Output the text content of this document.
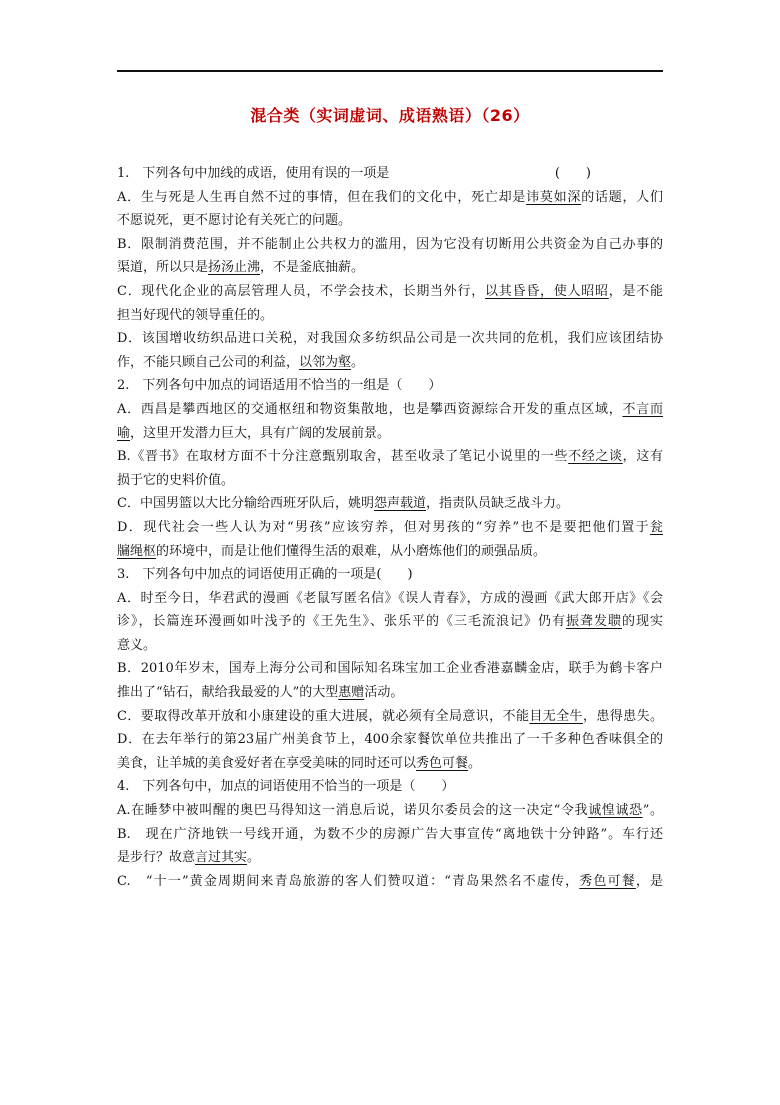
混合类（实词虚词、成语熟语）（26）
1.　下列各句中加线的成语，使用有误的一项是	(　　)
A．生与死是人生再自然不过的事情，但在我们的文化中，死亡却是讳莫如深的话题，人们
不愿说死，更不愿讨论有关死亡的问题。
B．限制消费范围，并不能制止公共权力的滥用，因为它没有切断用公共资金为自己办事的
渠道，所以只是扬汤止沸，不是釜底抽薪。
C．现代化企业的高层管理人员，不学会技术，长期当外行，以其昏昏，使人昭昭，是不能
担当好现代的领导重任的。
D．该国增收纺织品进口关税，对我国众多纺织品公司是一次共同的危机，我们应该团结协
作，不能只顾自己公司的利益，以邻为壑。
2.　下列各句中加点的词语适用不恰当的一组是（　　）
A．西昌是攀西地区的交通枢纽和物资集散地，也是攀西资源综合开发的重点区域，不言而
喻，这里开发潜力巨大，具有广阔的发展前景。
B.《晋书》在取材方面不十分注意甄别取舍，甚至收录了笔记小说里的一些不经之谈，这有
损于它的史料价值。
C．中国男篮以大比分输给西班牙队后，姚明怨声载道，指责队员缺乏战斗力。
D．现代社会一些人认为对“男孩”应该穷养，但对男孩的“穷养”也不是要把他们置于瓮
牖绳枢的环境中，而是让他们懂得生活的艰难，从小磨炼他们的顽强品质。
3.　下列各句中加点的词语使用正确的一项是(　　)
A．时至今日，华君武的漫画《老鼠写匿名信》《误人青春》，方成的漫画《武大郎开店》《会
诊》，长篇连环漫画如叶浅予的《王先生》、张乐平的《三毛流浪记》仍有振聋发聩的现实
意义。
B．2010年岁末，国寿上海分公司和国际知名珠宝加工企业香港嘉麟金店，联手为鹤卡客户
推出了“钻石，献给我最爱的人”的大型惠赠活动。
C．要取得改革开放和小康建设的重大进展，就必须有全局意识，不能目无全牛，患得患失。
D．在去年举行的第23届广州美食节上，400余家餐饮单位共推出了一千多种色香味俱全的
美食，让羊城的美食爱好者在享受美味的同时还可以秀色可餐。
4.　下列各句中，加点的词语使用不恰当的一项是（　　）
A.在睡梦中被叫醒的奥巴马得知这一消息后说，诺贝尔委员会的这一决定“令我诚惶诚恐”。
B.　现在广济地铁一号线开通，为数不少的房源广告大事宣传“离地铁十分钟路”。车行还
是步行？故意言过其实。
C.　“十一”黄金周期间来青岛旅游的客人们赞叹道：“青岛果然名不虚传，秀色可餐，是
